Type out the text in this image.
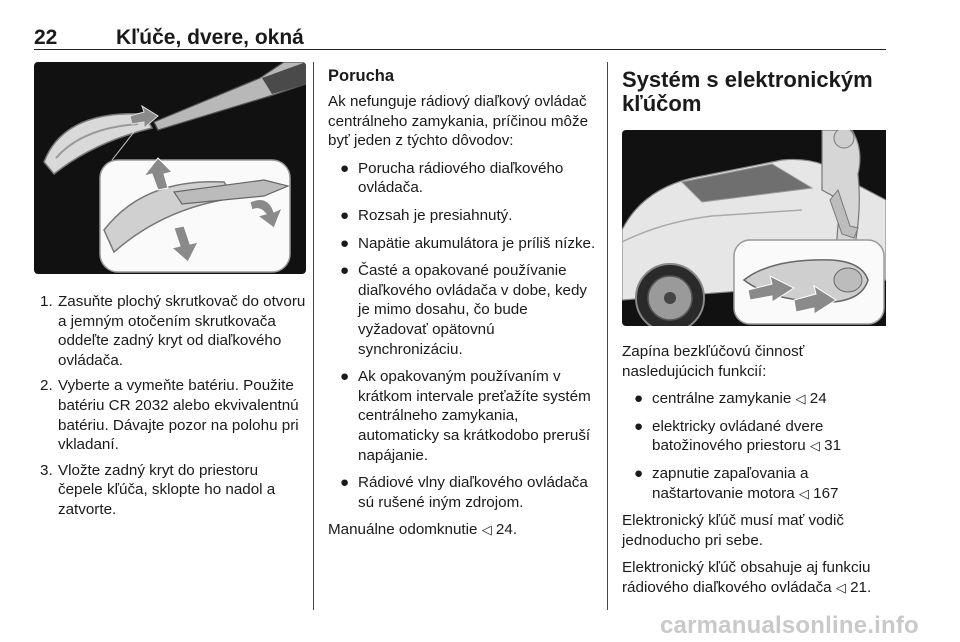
22	Kľúče, dvere, okná
1. Zasuňte plochý skrutkovač do otvoru a jemným otočením skrutkovača oddeľte zadný kryt od diaľkového ovládača.
2. Vyberte a vymeňte batériu. Použite batériu CR 2032 alebo ekvivalentnú batériu. Dávajte pozor na polohu pri vkladaní.
3. Vložte zadný kryt do priestoru čepele kľúča, sklopte ho nadol a zatvorte.
Porucha

Ak nefunguje rádiový diaľkový ovládač centrálneho zamykania, príčinou môže byť jeden z týchto dôvodov:

● Porucha rádiového diaľkového ovládača.
● Rozsah je presiahnutý.
● Napätie akumulátora je príliš nízke.
● Časté a opakované používanie diaľkového ovládača v dobe, kedy je mimo dosahu, čo bude vyžadovať opätovnú synchronizáciu.
● Ak opakovaným používaním v krátkom intervale preťažíte systém centrálneho zamykania, automaticky sa krátkodobo preruší napájanie.
● Rádiové vlny diaľkového ovládača sú rušené iným zdrojom.

Manuálne odomknutie ◁ 24.

Systém s elektronickým kľúčom

Zapína bezkľúčovú činnosť nasledujúcich funkcií:

● centrálne zamykanie ◁ 24
● elektricky ovládané dvere batožinového priestoru ◁ 31
● zapnutie zapaľovania a naštartovanie motora ◁ 167

Elektronický kľúč musí mať vodič jednoducho pri sebe.

Elektronický kľúč obsahuje aj funkciu rádiového diaľkového ovládača ◁ 21.

carmanualsonline.info
